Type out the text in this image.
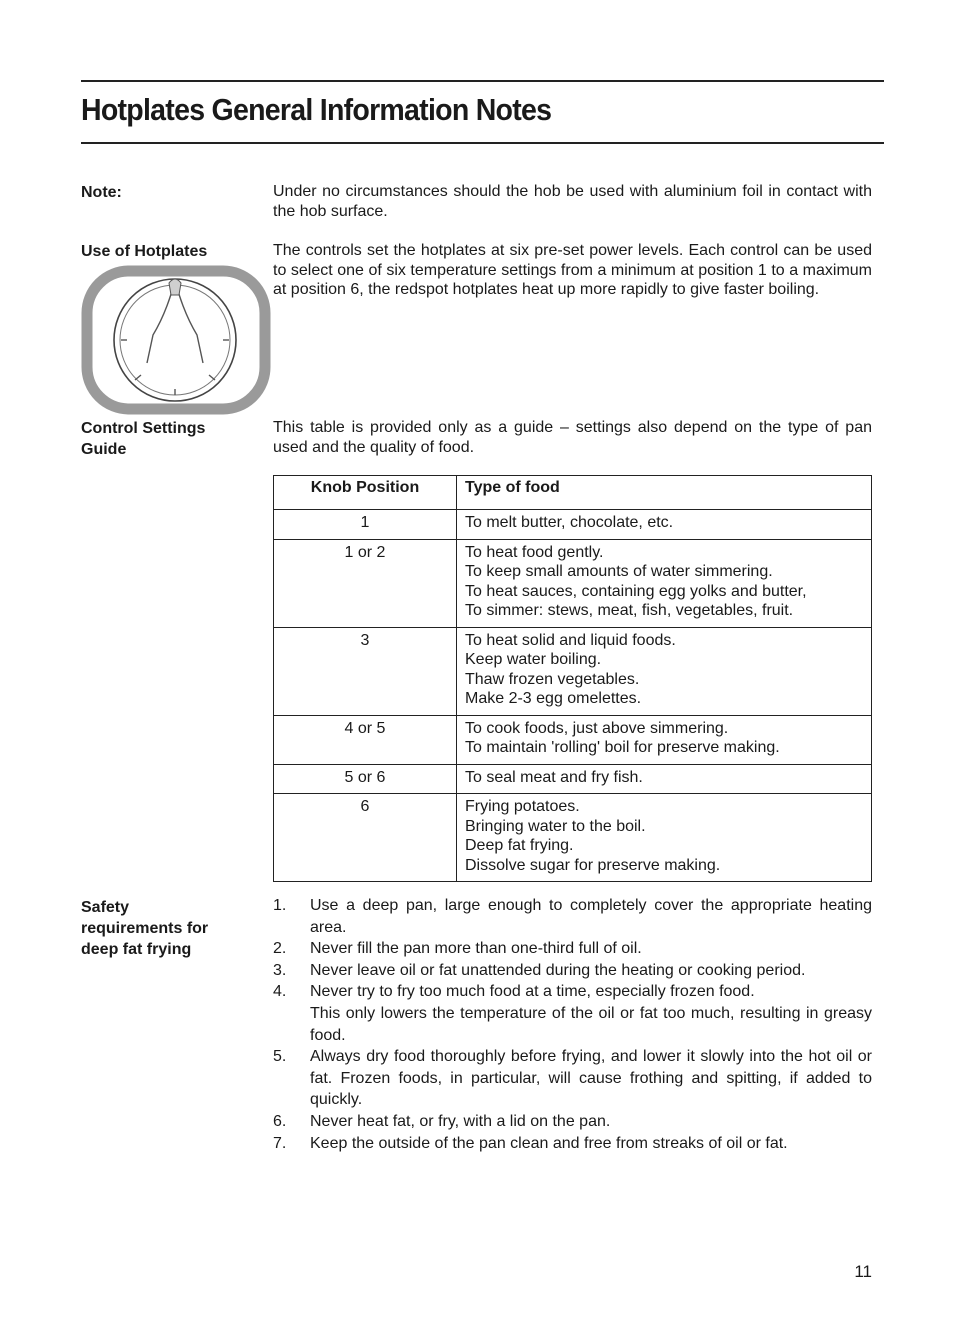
Hotplates General Information Notes
Note:	Under no circumstances should the hob be used with aluminium foil in contact with the hob surface.
Use of Hotplates	The controls set the hotplates at six pre-set power levels. Each control can be used to select one of six temperature settings from a minimum at position 1 to a maximum at position 6, the redspot hotplates heat up more rapidly to give faster boiling.
Control Settings Guide
This table is provided only as a guide – settings also depend on the type of pan used and the quality of food.
Knob Position	Type of food
1	To melt butter, chocolate, etc.

1 or 2	To heat food gently.
To keep small amounts of water simmering.
To heat sauces, containing egg yolks and butter,
To simmer: stews, meat, fish, vegetables, fruit.

3	To heat solid and liquid foods.
Keep water boiling.
Thaw frozen vegetables.
Make 2-3 egg omelettes.

4 or 5	To cook foods, just above simmering.
To maintain 'rolling' boil for preserve making.

5 or 6	To seal meat and fry fish.

6	Frying potatoes.
Bringing water to the boil.
Deep fat frying.
Dissolve sugar for preserve making.
Safety
requirements for
deep fat frying
1. Use a deep pan, large enough to completely cover the appropriate heating area.
2. Never fill the pan more than one-third full of oil.
3. Never leave oil or fat unattended during the heating or cooking period.
4. Never try to fry too much food at a time, especially frozen food.
This only lowers the temperature of the oil or fat too much, resulting in greasy food.
5. Always dry food thoroughly before frying, and lower it slowly into the hot oil or fat. Frozen foods, in particular, will cause frothing and spitting, if added to quickly.
6. Never heat fat, or fry, with a lid on the pan.
7. Keep the outside of the pan clean and free from streaks of oil or fat.
11
